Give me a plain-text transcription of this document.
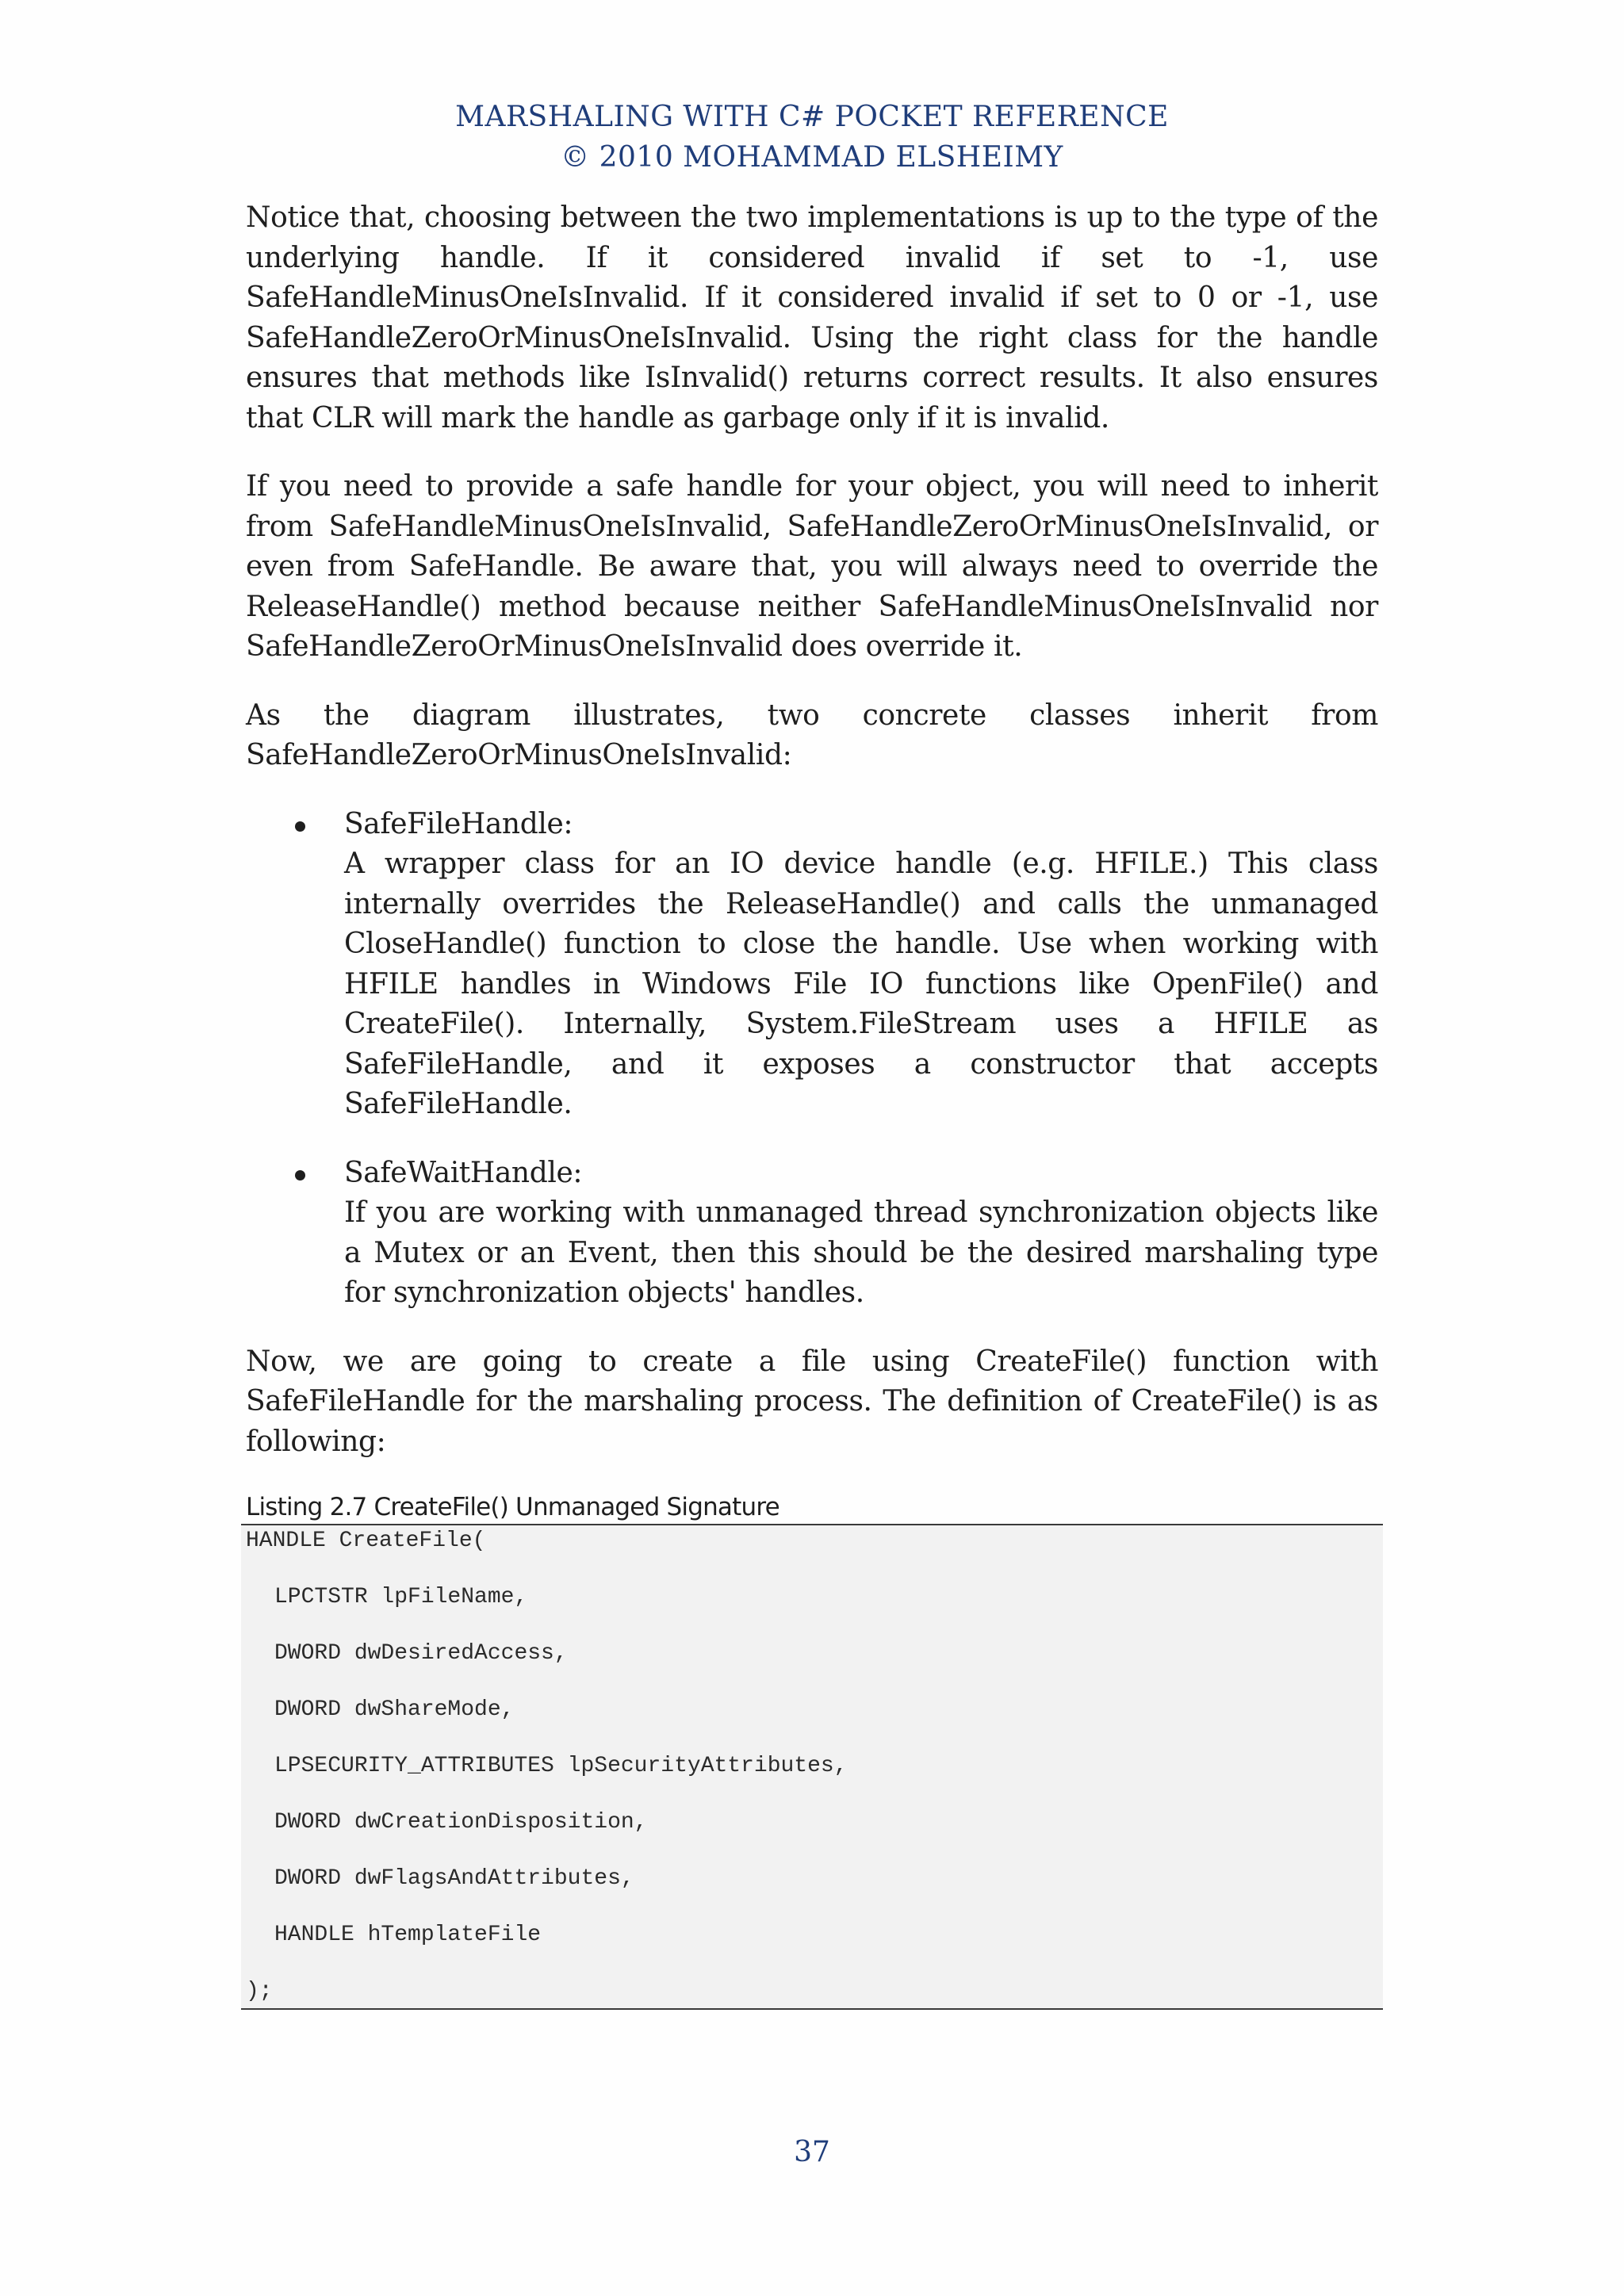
MARSHALING WITH C# POCKET REFERENCE
© 2010 MOHAMMAD ELSHEIMY

Notice that, choosing between the two implementations is up to the type of the underlying handle. If it considered invalid if set to -1, use SafeHandleMinusOneIsInvalid. If it considered invalid if set to 0 or -1, use SafeHandleZeroOrMinusOneIsInvalid. Using the right class for the handle ensures that methods like IsInvalid() returns correct results. It also ensures that CLR will mark the handle as garbage only if it is invalid.

If you need to provide a safe handle for your object, you will need to inherit from SafeHandleMinusOneIsInvalid, SafeHandleZeroOrMinusOneIsInvalid, or even from SafeHandle. Be aware that, you will always need to override the ReleaseHandle() method because neither SafeHandleMinusOneIsInvalid nor SafeHandleZeroOrMinusOneIsInvalid does override it.

As the diagram illustrates, two concrete classes inherit from SafeHandleZeroOrMinusOneIsInvalid:

SafeFileHandle:
A wrapper class for an IO device handle (e.g. HFILE.) This class internally overrides the ReleaseHandle() and calls the unmanaged CloseHandle() function to close the handle. Use when working with HFILE handles in Windows File IO functions like OpenFile() and CreateFile(). Internally, System.FileStream uses a HFILE as SafeFileHandle, and it exposes a constructor that accepts SafeFileHandle.
SafeWaitHandle:
If you are working with unmanaged thread synchronization objects like a Mutex or an Event, then this should be the desired marshaling type for synchronization objects' handles.

Now, we are going to create a file using CreateFile() function with SafeFileHandle for the marshaling process. The definition of CreateFile() is as following:

Listing 2.7 CreateFile() Unmanaged Signature
HANDLE CreateFile(
LPCTSTR lpFileName,
DWORD dwDesiredAccess,
DWORD dwShareMode,
LPSECURITY_ATTRIBUTES lpSecurityAttributes,
DWORD dwCreationDisposition,
DWORD dwFlagsAndAttributes,
HANDLE hTemplateFile
);
37
